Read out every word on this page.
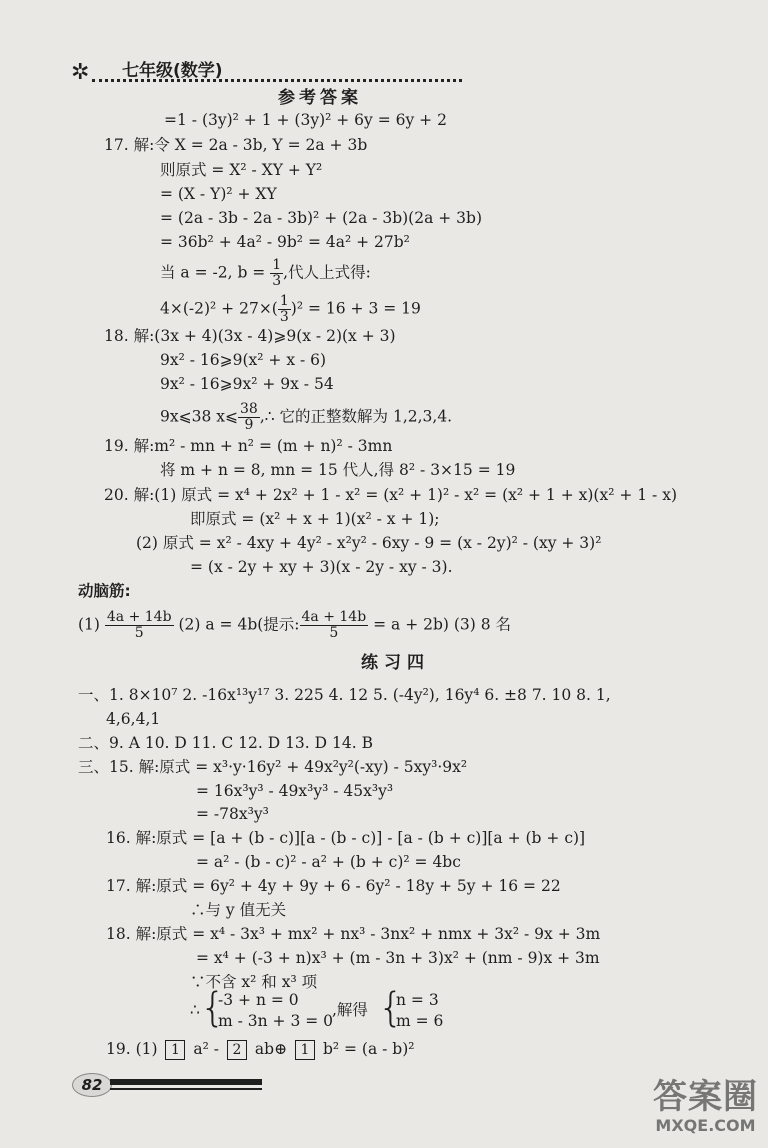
✲ 七年级(数学)
参考答案
=1 - (3y)² + 1 + (3y)² + 6y = 6y + 2
17. 解:令 X = 2a - 3b, Y = 2a + 3b
则原式 = X² - XY + Y²
= (X - Y)² + XY
= (2a - 3b - 2a - 3b)² + (2a - 3b)(2a + 3b)
= 36b² + 4a² - 9b² = 4a² + 27b²
当 a = -2, $b = \frac{1}{3}$ ,代人上式得:
$4\times(-2)^2 + 27\times( \frac{1}{3} )^2 = 16 + 3 = 19$
18. 解:(3x + 4)(3x - 4)⩾9(x - 2)(x + 3)
9x² - 16⩾9(x² + x - 6)
9x² - 16⩾9x² + 9x - 54
9x⩽38 x⩽ $\frac{38}{9}$ ,∴ 它的正整数解为 1,2,3,4.
19. 解:m² - mn + n² = (m + n)² - 3mn
将 m + n = 8, mn = 15 代人,得 8² - 3×15 = 19
20. 解:(1) 原式 = x⁴ + 2x² + 1 - x² = (x² + 1)² - x² = (x² + 1 + x)(x² + 1 - x)
即原式 = (x² + x + 1)(x² - x + 1);
(2) 原式 = x² - 4xy + 4y² - x²y² - 6xy - 9 = (x - 2y)² - (xy + 3)²
= (x - 2y + xy + 3)(x - 2y - xy - 3).
动脑筋:
$(1) \frac{4a + 14b}{5} (2) a = 4b$(提示: $\frac{4a + 14b}{5} = a + 2b$) (3) 8 名
练习四
一、1. 8×10⁷ 2. -16x¹³y¹⁷ 3. 225 4. 12 5. (-4y²), 16y⁴ 6. ±8 7. 10 8. 1,
4,6,4,1
二、9. A 10. D 11. C 12. D 13. D 14. B
三、15. 解:原式 = x³·y·16y² + 49x²y²(-xy) - 5xy³·9x²
= 16x³y³ - 49x³y³ - 45x³y³
= -78x³y³
16. 解:原式 = [a + (b - c)][a - (b - c)] - [a - (b + c)][a + (b + c)]
= a² - (b - c)² - a² + (b + c)² = 4bc
17. 解:原式 = 6y² + 4y + 9y + 6 - 6y² - 18y + 5y + 16 = 22
∴与 y 值无关
18. 解:原式 = x⁴ - 3x³ + mx² + nx³ - 3nx² + nmx + 3x² - 9x + 3m
= x⁴ + (-3 + n)x³ + (m - 3n + 3)x² + (nm - 9)x + 3m
∵不含 x² 和 x³ 项
∴ {
-3 + n = 0
m - 3n + 3 = 0
,解得 {
n = 3
m = 6
19. (1) 1 a² - 2 ab⊕ 1 b² = (a - b)²
82	答案圈
MXQE.COM
